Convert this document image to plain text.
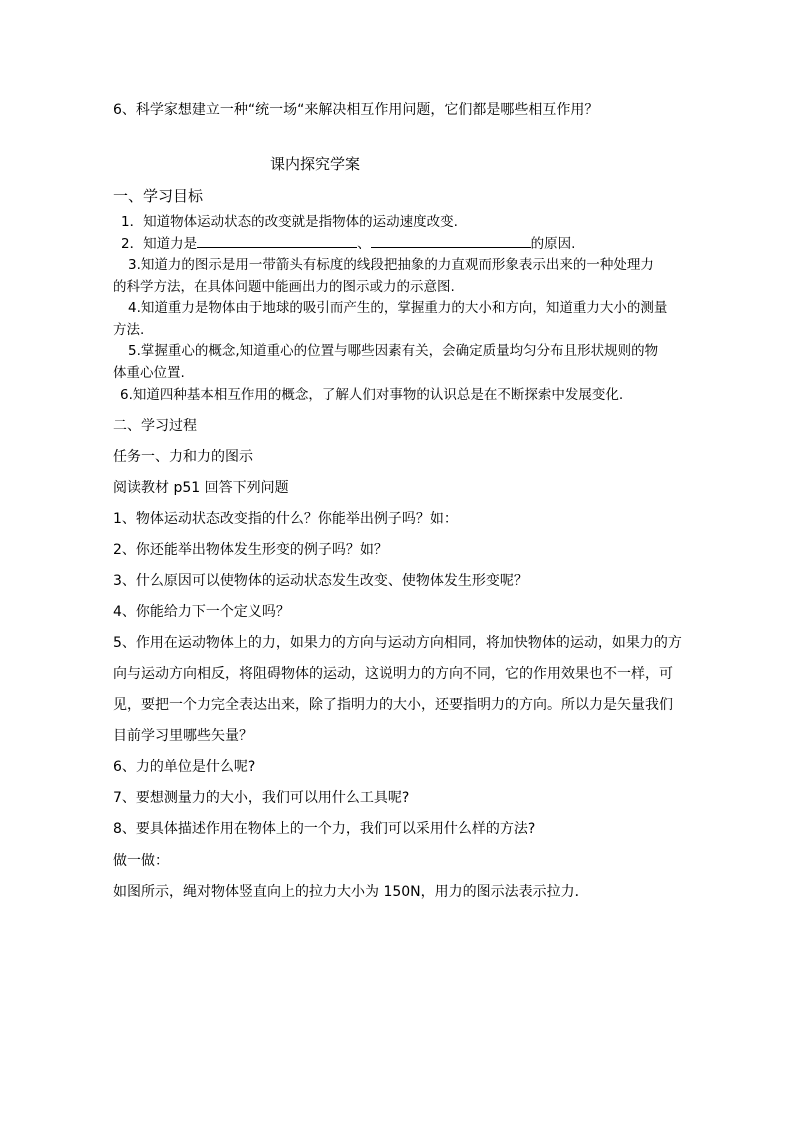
6、科学家想建立一种“统一场“来解决相互作用问题，它们都是哪些相互作用？
课内探究学案
一、学习目标
1．知道物体运动状态的改变就是指物体的运动速度改变.
2．知道力是	、	的原因.
3.知道力的图示是用一带箭头有标度的线段把抽象的力直观而形象表示出来的一种处理力
的科学方法，在具体问题中能画出力的图示或力的示意图.
4.知道重力是物体由于地球的吸引而产生的，掌握重力的大小和方向，知道重力大小的测量
方法.
5.掌握重心的概念,知道重心的位置与哪些因素有关，会确定质量均匀分布且形状规则的物
体重心位置.
6.知道四种基本相互作用的概念，了解人们对事物的认识总是在不断探索中发展变化.
二、学习过程
任务一、力和力的图示
阅读教材 p51 回答下列问题
1、物体运动状态改变指的什么？你能举出例子吗？如：
2、你还能举出物体发生形变的例子吗？如？
3、什么原因可以使物体的运动状态发生改变、使物体发生形变呢？
4、你能给力下一个定义吗？
5、作用在运动物体上的力，如果力的方向与运动方向相同，将加快物体的运动，如果力的方
向与运动方向相反，将阻碍物体的运动，这说明力的方向不同，它的作用效果也不一样，可
见，要把一个力完全表达出来，除了指明力的大小，还要指明力的方向。所以力是矢量我们
目前学习里哪些矢量？
6、力的单位是什么呢?
7、要想测量力的大小，我们可以用什么工具呢?
8、要具体描述作用在物体上的一个力，我们可以采用什么样的方法?
做一做：
如图所示，绳对物体竖直向上的拉力大小为 150N，用力的图示法表示拉力．
